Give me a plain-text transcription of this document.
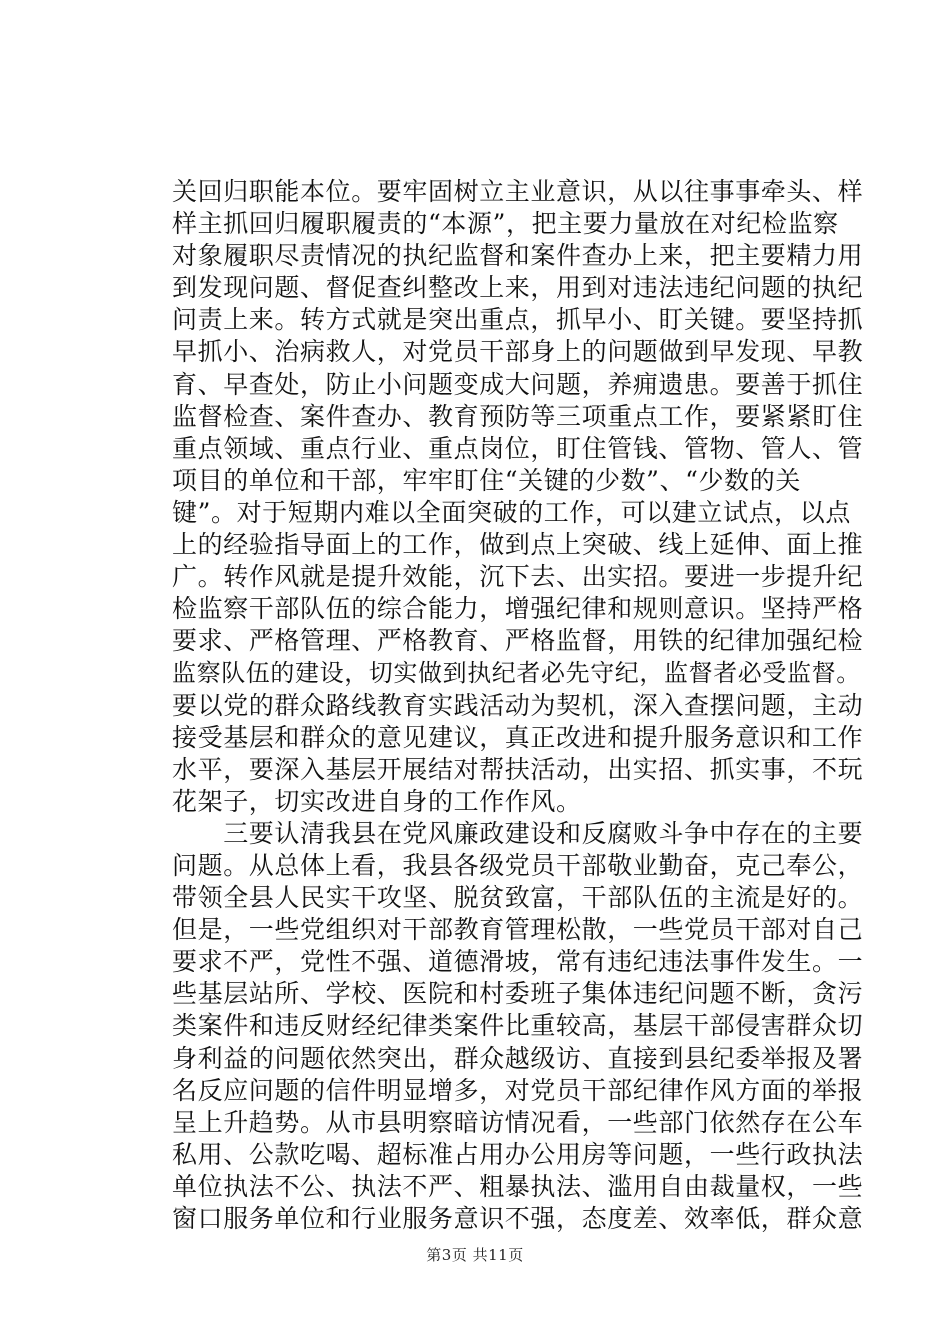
关回归职能本位。要牢固树立主业意识，从以往事事牵头、样
样主抓回归履职履责的“本源”，把主要力量放在对纪检监察
对象履职尽责情况的执纪监督和案件查办上来，把主要精力用
到发现问题、督促查纠整改上来，用到对违法违纪问题的执纪
问责上来。转方式就是突出重点，抓早小、盯关键。要坚持抓
早抓小、治病救人，对党员干部身上的问题做到早发现、早教
育、早查处，防止小问题变成大问题，养痈遗患。要善于抓住
监督检查、案件查办、教育预防等三项重点工作，要紧紧盯住
重点领域、重点行业、重点岗位，盯住管钱、管物、管人、管
项目的单位和干部，牢牢盯住“关键的少数”、“少数的关
键”。对于短期内难以全面突破的工作，可以建立试点，以点
上的经验指导面上的工作，做到点上突破、线上延伸、面上推
广。转作风就是提升效能，沉下去、出实招。要进一步提升纪
检监察干部队伍的综合能力，增强纪律和规则意识。坚持严格
要求、严格管理、严格教育、严格监督，用铁的纪律加强纪检
监察队伍的建设，切实做到执纪者必先守纪，监督者必受监督。
要以党的群众路线教育实践活动为契机，深入查摆问题，主动
接受基层和群众的意见建议，真正改进和提升服务意识和工作
水平，要深入基层开展结对帮扶活动，出实招、抓实事，不玩
花架子，切实改进自身的工作作风。
　　三要认清我县在党风廉政建设和反腐败斗争中存在的主要
问题。从总体上看，我县各级党员干部敬业勤奋，克己奉公，
带领全县人民实干攻坚、脱贫致富，干部队伍的主流是好的。
但是，一些党组织对干部教育管理松散，一些党员干部对自己
要求不严，党性不强、道德滑坡，常有违纪违法事件发生。一
些基层站所、学校、医院和村委班子集体违纪问题不断，贪污
类案件和违反财经纪律类案件比重较高，基层干部侵害群众切
身利益的问题依然突出，群众越级访、直接到县纪委举报及署
名反应问题的信件明显增多，对党员干部纪律作风方面的举报
呈上升趋势。从市县明察暗访情况看，一些部门依然存在公车
私用、公款吃喝、超标准占用办公用房等问题，一些行政执法
单位执法不公、执法不严、粗暴执法、滥用自由裁量权，一些
窗口服务单位和行业服务意识不强，态度差、效率低，群众意
第3页 共11页
